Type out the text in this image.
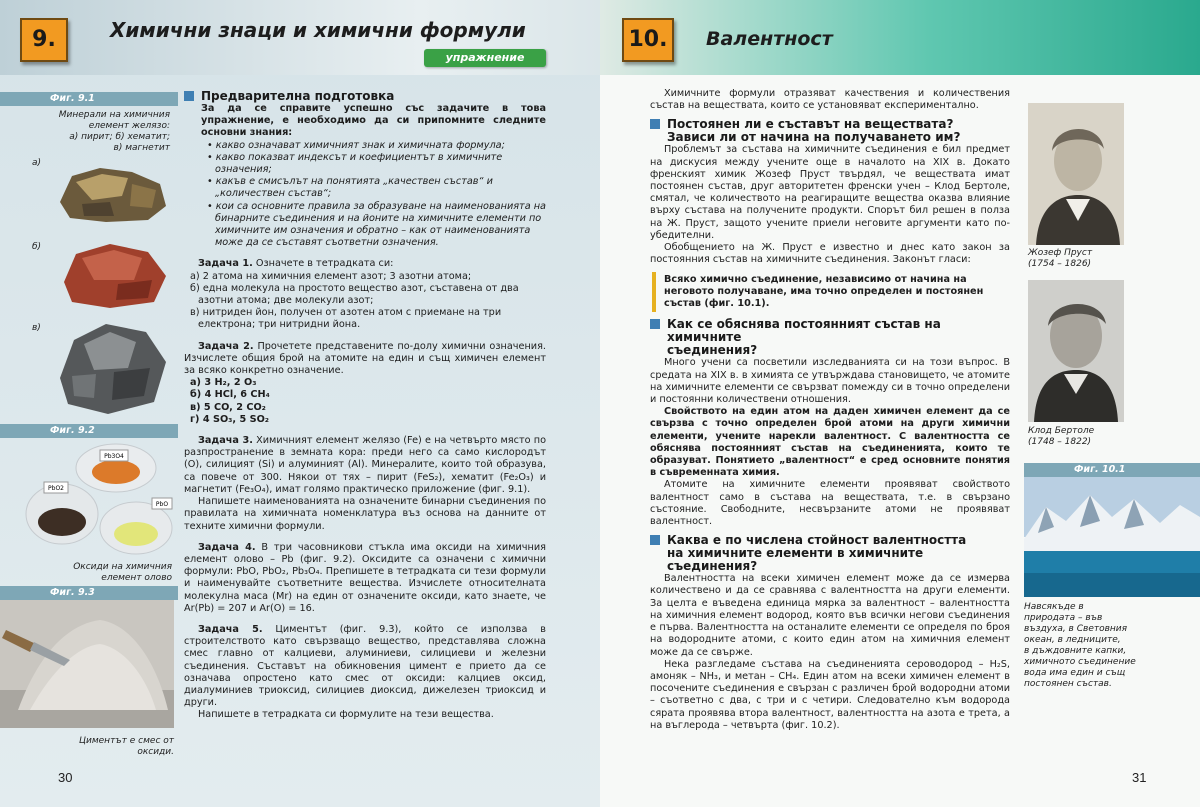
9.	Химични знаци и химични формули
упражнение
Фиг. 9.1
Минерали на химичния
елемент желязо:
а) пирит; б) хематит;
в) магнетит
а)
б)
в)
Фиг. 9.2
Pb3O4
PbO2
PbO
Оксиди на химичния
елемент олово
Фиг. 9.3
Циментът е смес от
оксиди.
Предварителна подготовка

За да се справите успешно със задачите в това упражнение, е необходимо да си припомните следните основни знания:

• какво означават химичният знак и химичната формула;
• какво показват индексът и коефициентът в химичните означения;
• какъв е смисълът на понятията „качествен състав“ и „количествен състав“;
• кои са основните правила за образуване на наименованията на бинарните съединения и на йоните на химичните елементи по химичните им означения и обратно – как от наименованията може да се съставят съответни означения.

Задача 1. Означете в тетрадката си:

а) 2 атома на химичния елемент азот; 3 азотни атома;
б) една молекула на простото вещество азот, съставена от два азотни атома; две молекули азот;
в) нитриден йон, получен от азотен атом с приемане на три електрона; три нитридни йона.

Задача 2. Прочетете представените по-долу химични означения. Изчислете общия брой на атомите на един и същ химичен елемент за всяко конкретно означение.

а) 3 H₂, 2 O₃
б) 4 HCl, 6 CH₄
в) 5 CO, 2 CO₂
г) 4 SO₃, 5 SO₂

Задача 3. Химичният елемент желязо (Fe) е на четвърто място по разпространение в земната кора: преди него са само кислородът (O), силицият (Si) и алуминият (Al). Минералите, които той образува, са повече от 300. Някои от тях – пирит (FeS₂), хематит (Fe₂O₃) и магнетит (Fe₃O₄), имат голямо практическо приложение (фиг. 9.1).

Напишете наименованията на означените бинарни съединения по правилата на химичната номенклатура въз основа на данните от техните химични формули.

Задача 4. В три часовникови стъкла има оксиди на химичния елемент олово – Pb (фиг. 9.2). Оксидите са означени с химични формули: PbO, PbO₂, Pb₃O₄. Препишете в тетрадката си тези формули и наименувайте съответните вещества. Изчислете относителната молекулна маса (Mr) на един от означените оксиди, като знаете, че Ar(Pb) = 207 и Ar(O) = 16.

Задача 5. Циментът (фиг. 9.3), който се използва в строителството като свързващо вещество, представлява сложна смес главно от калциеви, алуминиеви, силициеви и железни съединения. Съставът на обикновения цимент е прието да се означава опростено като смес от оксиди: калциев оксид, диалуминиев триоксид, силициев диоксид, дижелезен триоксид и други.

Напишете в тетрадката си формулите на тези вещества.

30
10.	Валентност

Химичните формули отразяват качествения и количествения състав на веществата, които се установяват експериментално.

Постоянен ли е съставът на веществата?
Зависи ли от начина на получаването им?

Проблемът за състава на химичните съединения е бил предмет на дискусия между учените още в началото на XIX в. Докато френският химик Жозеф Пруст твърдял, че веществата имат постоянен състав, друг авторитетен френски учен – Клод Бертоле, смятал, че количеството на реагиращите вещества оказва влияние върху състава на получените продукти. Спорът бил решен в полза на Ж. Пруст, защото учените приели неговите аргументи като по-убедителни.

Обобщението на Ж. Пруст е известно и днес като закон за постоянния състав на химичните съединения. Законът гласи:

Всяко химично съединение, независимо от начина на неговото получаване, има точно определен и постоянен състав (фиг. 10.1).
Как се обяснява постоянният състав на химичните
съединения?

Много учени са посветили изследванията си на този въпрос. В средата на XIX в. в химията се утвърждава становището, че атомите на химичните елементи се свързват помежду си в точно определени и постоянни количествени отношения.

Свойството на един атом на даден химичен елемент да се свързва с точно определен брой атоми на други химични елементи, учените нарекли валентност. С валентността се обяснява постоянният състав на съединенията, които те образуват. Понятието „валентност“ е сред основните понятия в съвременната химия.

Атомите на химичните елементи проявяват свойството валентност само в състава на веществата, т.е. в свързано състояние. Свободните, несвързаните атоми не проявяват валентност.

Каква е по численa стойност валентността
на химичните елементи в химичните съединения?

Валентността на всеки химичен елемент може да се измерва количествено и да се сравнява с валентността на други елементи. За целта е въведена единица мярка за валентност – валентността на химичния елемент водород, която във всички негови съединения е първа. Валентността на останалите елементи се определя по броя на водородните атоми, с които един атом на химичния елемент може да се свърже.

Нека разгледаме състава на съединенията сероводород – H₂S, амоняк – NH₃, и метан – CH₄. Един атом на всеки химичен елемент в посочените съединения е свързан с различен брой водородни атоми – съответно с два, с три и с четири. Следователно към водорода сярата проявява втора валентност, валентността на азота е трета, а на въглерода – четвърта (фиг. 10.2).

Жозеф Пруст
(1754 – 1826)
Клод Бертоле
(1748 – 1822)
Фиг. 10.1
Навсякъде в
природата – във
въздуха, в Световния
океан, в ледниците,
в дъждовните капки,
химичното съединение
вода има един и същ
постоянен състав.
31
